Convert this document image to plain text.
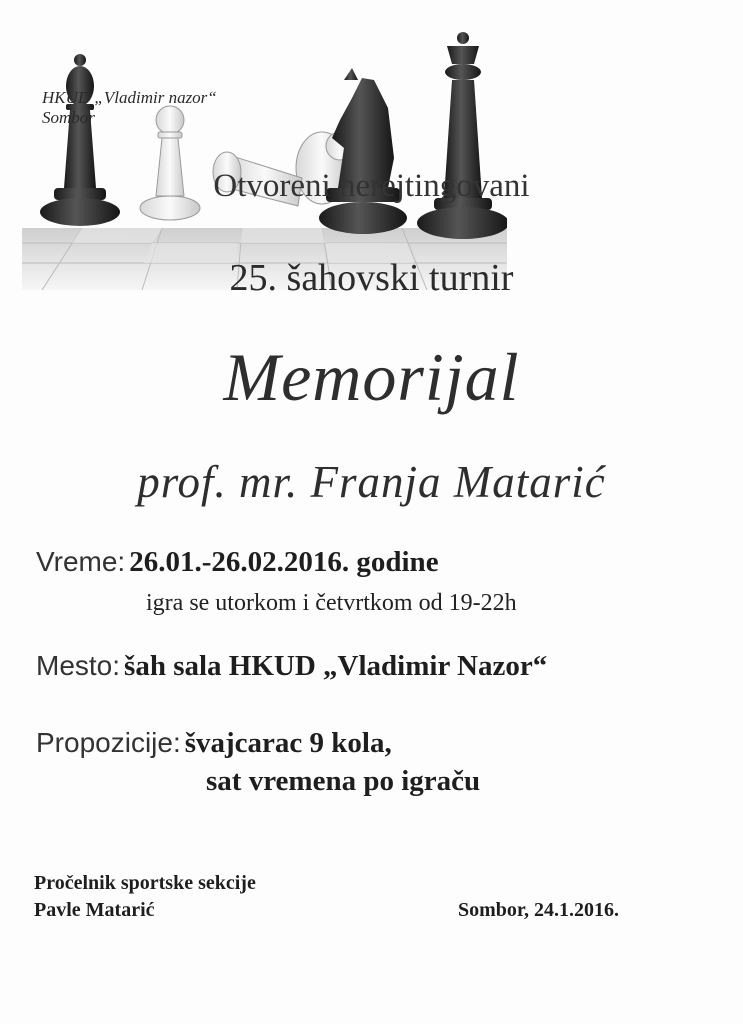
HKUD „Vladimir nazor“
Sombor
Otvoreni nerejtingovani
25. šahovski turnir
Memorijal
prof. mr. Franja Matarić
Vreme: 26.01.-26.02.2016. godine
igra se utorkom i četvrtkom od 19-22h
Mesto: šah sala HKUD „Vladimir Nazor“
Propozicije: švajcarac 9 kola,
sat vremena po igraču
Pročelnik sportske sekcije
Pavle Matarić	Sombor, 24.1.2016.
